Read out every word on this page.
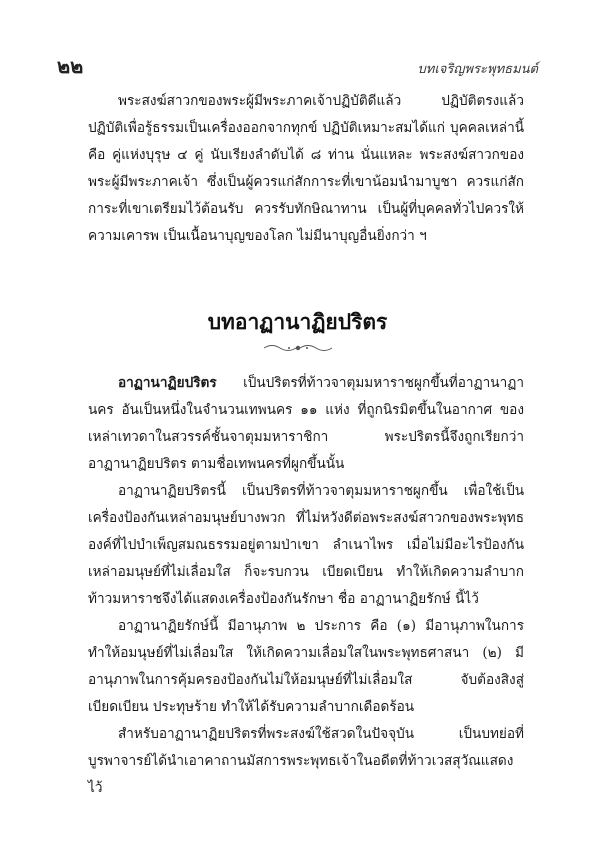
๒๒	บทเจริญพระพุทธมนต์

พระสงฆ์สาวกของพระผู้มีพระภาคเจ้าปฏิบัติดีแล้ว ปฏิบัติตรงแล้ว ปฏิบัติเพื่อรู้ธรรมเป็นเครื่องออกจากทุกข์ ปฏิบัติเหมาะสมได้แก่ บุคคลเหล่านี้คือ คู่แห่งบุรุษ ๔ คู่ นับเรียงลำดับได้ ๘ ท่าน นั่นแหละ พระสงฆ์สาวกของพระผู้มีพระภาคเจ้า ซึ่งเป็นผู้ควรแก่สักการะที่เขาน้อมนำมาบูชา ควรแก่สักการะที่เขาเตรียมไว้ต้อนรับ ควรรับทักษิณาทาน เป็นผู้ที่บุคคลทั่วไปควรให้ความเคารพ เป็นเนื้อนาบุญของโลก ไม่มีนาบุญอื่นยิ่งกว่า ฯ

บทอาฏานาฏิยปริตร

อาฏานาฏิยปริตร เป็นปริตรที่ท้าวจาตุมมหาราชผูกขึ้นที่อาฏานาฏานคร อันเป็นหนึ่งในจำนวนเทพนคร ๑๑ แห่ง ที่ถูกนิรมิตขึ้นในอากาศ ของเหล่าเทวดาในสวรรค์ชั้นจาตุมมหาราชิกา พระปริตรนี้จึงถูกเรียกว่า อาฏานาฏิยปริตร ตามชื่อเทพนครที่ผูกขึ้นนั้น

อาฏานาฏิยปริตรนี้ เป็นปริตรที่ท้าวจาตุมมหาราชผูกขึ้น เพื่อใช้เป็นเครื่องป้องกันเหล่าอมนุษย์บางพวก ที่ไม่หวังดีต่อพระสงฆ์สาวกของพระพุทธองค์ที่ไปบำเพ็ญสมณธรรมอยู่ตามป่าเขา ลำเนาไพร เมื่อไม่มีอะไรป้องกันเหล่าอมนุษย์ที่ไม่เลื่อมใส ก็จะรบกวน เบียดเบียน ทำให้เกิดความลำบาก ท้าวมหาราชจึงได้แสดงเครื่องป้องกันรักษา ชื่อ อาฏานาฏิยรักษ์ นี้ไว้

อาฏานาฏิยรักษ์นี้ มีอานุภาพ ๒ ประการ คือ (๑) มีอานุภาพในการทำให้อมนุษย์ที่ไม่เลื่อมใส ให้เกิดความเลื่อมใสในพระพุทธศาสนา (๒) มีอานุภาพในการคุ้มครองป้องกันไม่ให้อมนุษย์ที่ไม่เลื่อมใส จับต้องสิงสู่ เบียดเบียน ประทุษร้าย ทำให้ได้รับความลำบากเดือดร้อน

สำหรับอาฏานาฏิยปริตรที่พระสงฆ์ใช้สวดในปัจจุบัน เป็นบทย่อที่บูรพาจารย์ได้นำเอาคาถานมัสการพระพุทธเจ้าในอดีตที่ท้าวเวสสุวัณแสดงไว้
